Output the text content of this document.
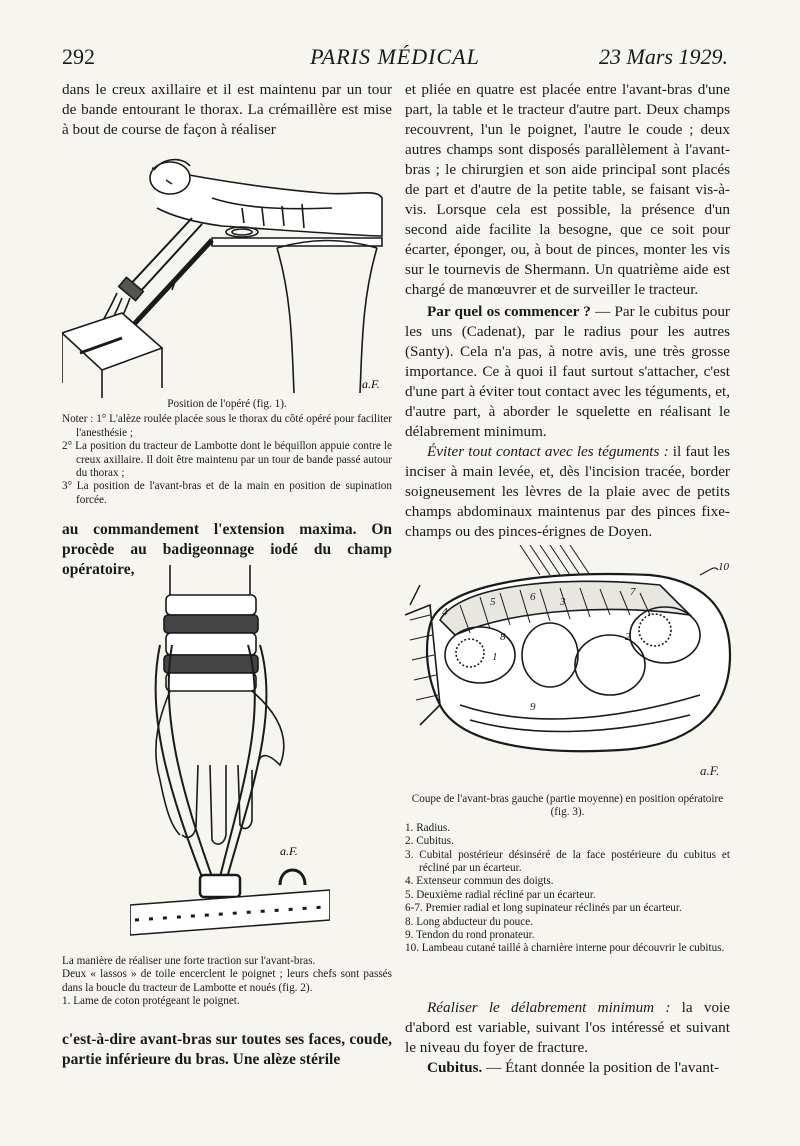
292	PARIS MÉDICAL	23 Mars 1929.

dans le creux axillaire et il est maintenu par un tour de bande entourant le thorax. La crémaillère est mise à bout de course de façon à réaliser

a.F.

Position de l'opéré (fig. 1).

Noter : 1° L'alèze roulée placée sous le thorax du côté opéré pour faciliter l'anesthésie ;

2° La position du tracteur de Lambotte dont le béquillon appuie contre le creux axillaire. Il doit être maintenu par un tour de bande passé autour du thorax ;

3° La position de l'avant-bras et de la main en position de supination forcée.

au commandement l'extension maxima. On procède au badigeonnage iodé du champ opératoire,

a.F.

La manière de réaliser une forte traction sur l'avant-bras.

Deux « lassos » de toile encerclent le poignet ; leurs chefs sont passés dans la boucle du tracteur de Lambotte et noués (fig. 2).

1. Lame de coton protégeant le poignet.

c'est-à-dire avant-bras sur toutes ses faces, coude, partie inférieure du bras. Une alèze stérile

et pliée en quatre est placée entre l'avant-bras d'une part, la table et le tracteur d'autre part. Deux champs recouvrent, l'un le poignet, l'autre le coude ; deux autres champs sont disposés parallèlement à l'avant-bras ; le chirurgien et son aide principal sont placés de part et d'autre de la petite table, se faisant vis-à-vis. Lorsque cela est possible, la présence d'un second aide facilite la besogne, que ce soit pour écarter, éponger, ou, à bout de pinces, monter les vis sur le tournevis de Shermann. Un quatrième aide est chargé de manœuvrer et de surveiller le tracteur.

Par quel os commencer ? — Par le cubitus pour les uns (Cadenat), par le radius pour les autres (Santy). Cela n'a pas, à notre avis, une très grosse importance. Ce à quoi il faut surtout s'attacher, c'est d'une part à éviter tout contact avec les téguments, et, d'autre part, à aborder le squelette en réalisant le délabrement minimum.

Éviter tout contact avec les téguments : il faut les inciser à main levée, et, dès l'incision tracée, border soigneusement les lèvres de la plaie avec de petits champs abdominaux maintenus par des pinces fixe-champs ou des pinces-érignes de Doyen.

10
1
2
3
4
5	6	7
8
9
a.F.

Coupe de l'avant-bras gauche (partie moyenne) en position opératoire (fig. 3).

1. Radius.

2. Cubitus.

3. Cubital postérieur désinséré de la face postérieure du cubitus et récliné par un écarteur.

4. Extenseur commun des doigts.

5. Deuxième radial récliné par un écarteur.

6-7. Premier radial et long supinateur réclinés par un écarteur.

8. Long abducteur du pouce.

9. Tendon du rond pronateur.

10. Lambeau cutané taillé à charnière interne pour découvrir le cubitus.

Réaliser le délabrement minimum : la voie d'abord est variable, suivant l'os intéressé et suivant le niveau du foyer de fracture.

Cubitus. — Étant donnée la position de l'avant-
